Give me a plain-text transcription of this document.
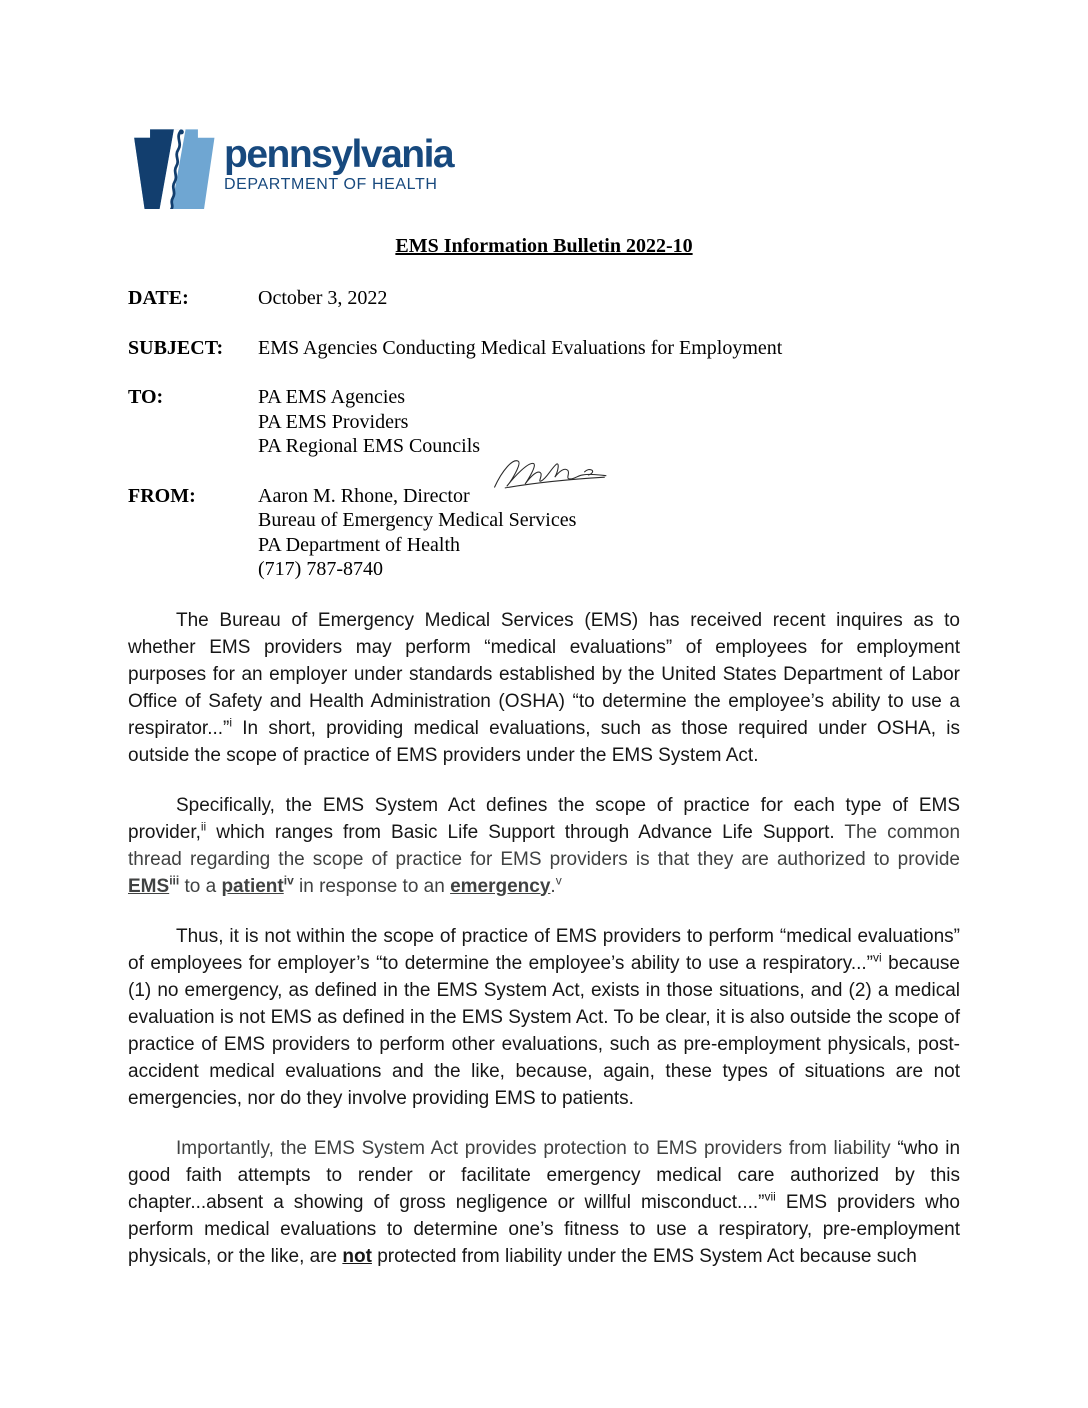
pennsylvania
DEPARTMENT OF HEALTH
EMS Information Bulletin 2022-10
DATE:	October 3, 2022
SUBJECT:	EMS Agencies Conducting Medical Evaluations for Employment
TO:	PA EMS Agencies
PA EMS Providers
PA Regional EMS Councils
FROM:	Aaron M. Rhone, Director
Bureau of Emergency Medical Services
PA Department of Health
(717) 787-8740

The Bureau of Emergency Medical Services (EMS) has received recent inquires as to whether EMS providers may perform “medical evaluations” of employees for employment purposes for an employer under standards established by the United States Department of Labor Office of Safety and Health Administration (OSHA) “to determine the employee’s ability to use a respirator...”$^i$ In short, providing medical evaluations, such as those required under OSHA, is outside the scope of practice of EMS providers under the EMS System Act.

Specifically, the EMS System Act defines the scope of practice for each type of EMS provider,$^{ii}$ which ranges from Basic Life Support through Advance Life Support. The common thread regarding the scope of practice for EMS providers is that they are authorized to provide EMS$^{iii}$ to a patient$^{iv}$ in response to an emergency.$^v$

Thus, it is not within the scope of practice of EMS providers to perform “medical evaluations” of employees for employer’s “to determine the employee’s ability to use a respiratory...”$^{vi}$ because (1) no emergency, as defined in the EMS System Act, exists in those situations, and (2) a medical evaluation is not EMS as defined in the EMS System Act. To be clear, it is also outside the scope of practice of EMS providers to perform other evaluations, such as pre-employment physicals, post-accident medical evaluations and the like, because, again, these types of situations are not emergencies, nor do they involve providing EMS to patients.

Importantly, the EMS System Act provides protection to EMS providers from liability “who in good faith attempts to render or facilitate emergency medical care authorized by this chapter...absent a showing of gross negligence or willful misconduct....”$^{vii}$ EMS providers who perform medical evaluations to determine one’s fitness to use a respiratory, pre-employment physicals, or the like, are not protected from liability under the EMS System Act because such
